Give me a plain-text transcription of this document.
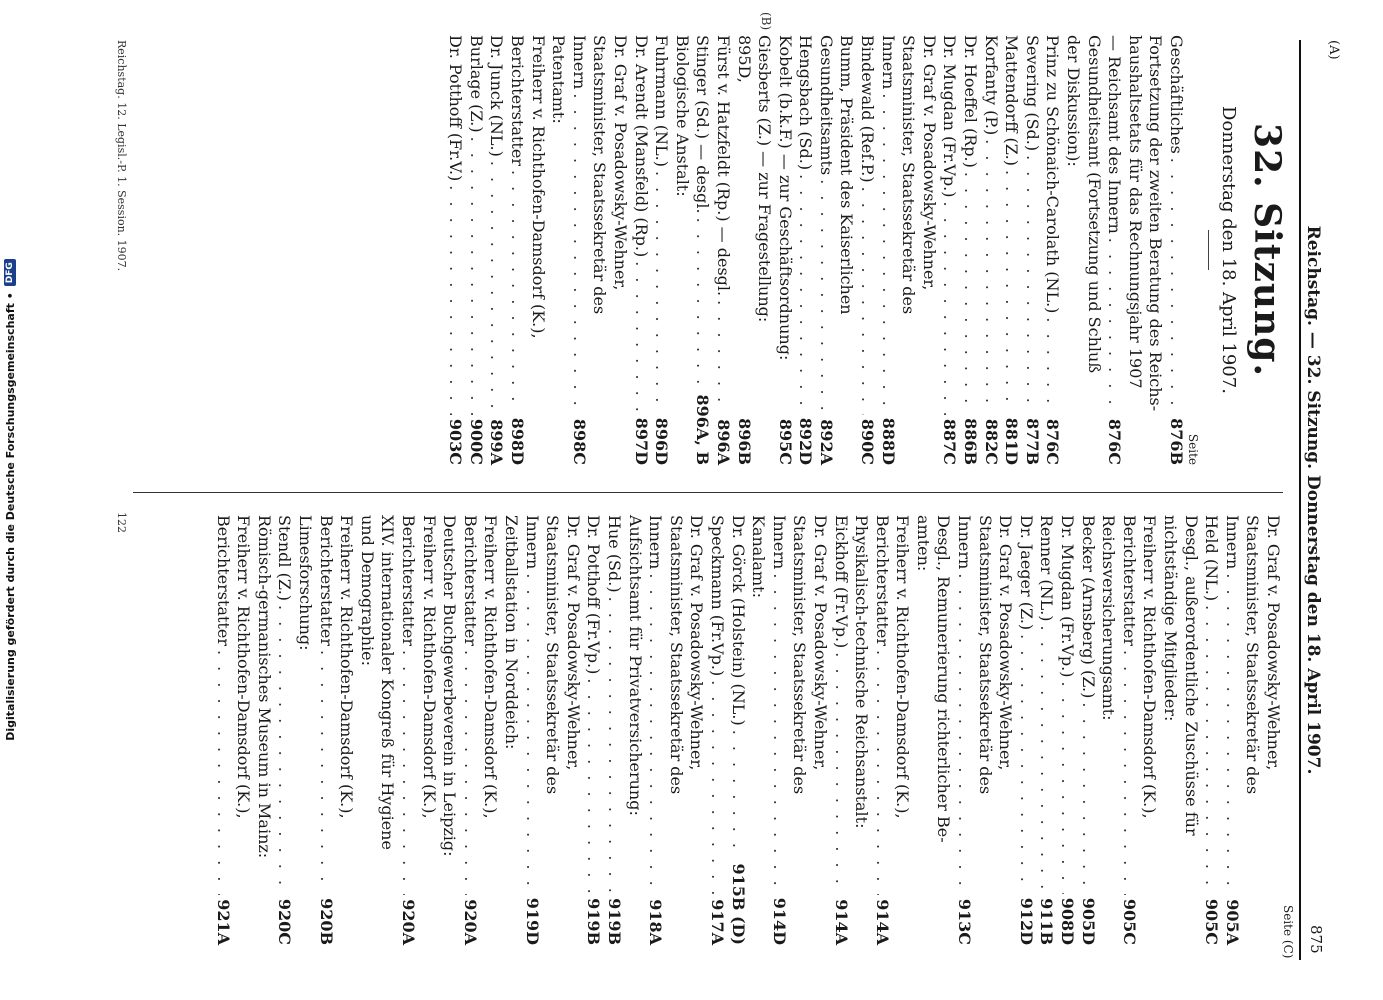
(A)
Reichstag. — 32. Sitzung. Donnerstag den 18. April 1907.
875
Seite (C)
32. Sitzung.
Donnerstag den 18. April 1907.
Seite
Geschäftliches
. . .
876B
Fortsetzung der zweiten Beratung des Reichs-
haushaltsetats für das Rechnungsjahr 1907
— Reichsamt des Innern
. . .
876C
Gesundheitsamt (Fortsetzung und Schluß
der Diskussion):
Prinz zu Schönaich-Carolath (NL.)
. . .
876C
Severing (Sd.)
. . .
877B
Mattendorff (Z.)
. . .
881D
Korfanty (P.)
. . .
882C
Dr. Hoeffel (Rp.)
. . .
886B
Dr. Mugdan (Fr.Vp.)
. . .
887C
Dr. Graf v. Posadowsky-Wehner,
Staatsminister, Staatssekretär des
Innern
. . .
888D
Bindewald (Ref.P.)
. . .
890C
Bumm, Präsident des Kaiserlichen
Gesundheitsamts
. . .
892A
Hengsbach (Sd.)
. . .
892D
Kobelt (b.k.F.) — zur Geschäftsordnung:
895C
Giesberts (Z.) — zur Fragestellung:
895D,
896B
Fürst v. Hatzfeldt (Rp.) — desgl.
. . .
896A
Stinger (Sd.) — desgl.
. . .
896A, B
Biologische Anstalt:
Fuhrmann (NL.)
. . .
896D
Dr. Arendt (Mansfeld) (Rp.)
. . .
897D
Dr. Graf v. Posadowsky-Wehner,
Staatsminister, Staatssekretär des
Innern
. . .
898C
Patentamt:
Freiherr v. Richthofen-Damsdorf (K.),
Berichterstatter
. . .
898D
Dr. Junck (NL.)
. . .
899A
Burlage (Z.)
. . .
900C
Dr. Potthoff (Fr.V.)
. . .
903C
(B)
Reichstag. 12. Legisl.-P. 1. Session. 1907.
Dr. Graf v. Posadowsky-Wehner,
Staatsminister, Staatssekretär des
Innern
. . .
905A
Held (NL.)
. . .
905C
Desgl., außerordentliche Zuschüsse für
nichtständige Mitglieder:
Freiherr v. Richthofen-Damsdorf (K.),
Berichterstatter
. . .
905C
Reichsversicherungsamt:
Becker (Arnsberg) (Z.)
. . .
905D
Dr. Mugdan (Fr.Vp.)
. . .
908D
Renner (NL.)
. . .
911B
Dr. Jaeger (Z.)
. . .
912D
Dr. Graf v. Posadowsky-Wehner,
Staatsminister, Staatssekretär des
Innern
. . .
913C
Desgl., Remunerierung richterlicher Be-
amten:
Freiherr v. Richthofen-Damsdorf (K.),
Berichterstatter
. . .
914A
Physikalisch-technische Reichsanstalt:
Eickhoff (Fr.Vp.)
. . .
914A
Dr. Graf v. Posadowsky-Wehner,
Staatsminister, Staatssekretär des
Innern
. . .
914D
Kanalamt:
Dr. Görck (Holstein) (NL.)
. . .
915B (D)
Speckmann (Fr.Vp.)
. . .
917A
Dr. Graf v. Posadowsky-Wehner,
Staatsminister, Staatssekretär des
Innern
. . .
918A
Aufsichtsamt für Privatversicherung:
Hue (Sd.)
. . .
919B
Dr. Potthoff (Fr.Vp.)
. . .
919B
Dr. Graf v. Posadowsky-Wehner,
Staatsminister, Staatssekretär des
Innern
. . .
919D
Zeitballstation in Norddeich:
Freiherr v. Richthofen-Damsdorf (K.),
Berichterstatter
. . .
920A
Deutscher Buchgewerbeverein in Leipzig:
Freiherr v. Richthofen-Damsdorf (K.),
Berichterstatter
. . .
920A
XIV. internationaler Kongreß für Hygiene
und Demographie:
Freiherr v. Richthofen-Damsdorf (K.),
Berichterstatter
. . .
920B
Limesforschung:
Stendl (Z.)
. . .
920C
Römisch-germanisches Museum in Mainz:
Freiherr v. Richthofen-Damsdorf (K.),
Berichterstatter
. . .
921A
122
Digitalisierung gefördert durch die Deutsche Forschungsgemeinschaft •
DFG
